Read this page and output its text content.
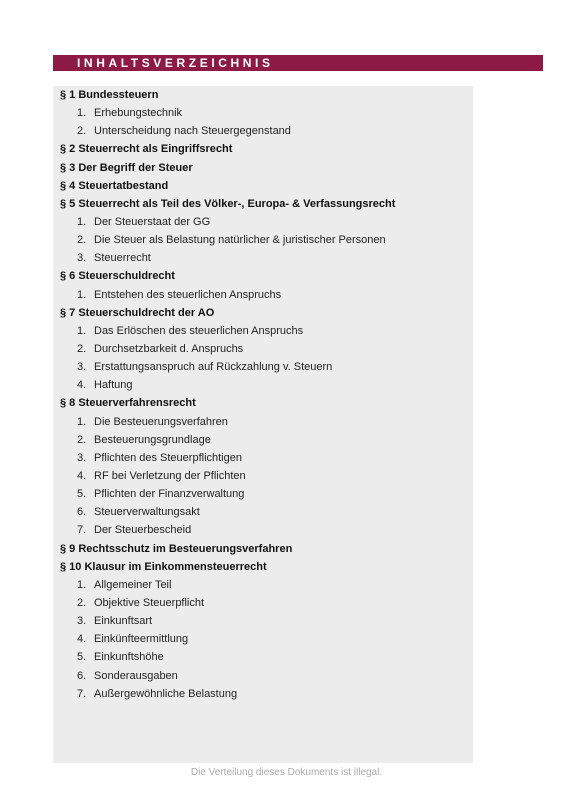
INHALTSVERZEICHNIS
§ 1 Bundessteuern
1. Erhebungstechnik
2. Unterscheidung nach Steuergegenstand
§ 2 Steuerrecht als Eingriffsrecht
§ 3 Der Begriff der Steuer
§ 4 Steuertatbestand
§ 5 Steuerrecht als Teil des Völker-, Europa- & Verfassungsrecht
1. Der Steuerstaat der GG
2. Die Steuer als Belastung natürlicher & juristischer Personen
3. Steuerrecht
§ 6 Steuerschuldrecht
1. Entstehen des steuerlichen Anspruchs
§ 7 Steuerschuldrecht der AO
1. Das Erlöschen des steuerlichen Anspruchs
2. Durchsetzbarkeit d. Anspruchs
3. Erstattungsanspruch auf Rückzahlung v. Steuern
4. Haftung
§ 8 Steuerverfahrensrecht
1. Die Besteuerungsverfahren
2. Besteuerungsgrundlage
3. Pflichten des Steuerpflichtigen
4. RF bei Verletzung der Pflichten
5. Pflichten der Finanzverwaltung
6. Steuerverwaltungsakt
7. Der Steuerbescheid
§ 9 Rechtsschutz im Besteuerungsverfahren
§ 10 Klausur im Einkommensteuerrecht
1. Allgemeiner Teil
2. Objektive Steuerpflicht
3. Einkunftsart
4. Einkünfteermittlung
5. Einkunftshöhe
6. Sonderausgaben
7. Außergewöhnliche Belastung
Die Verteilung dieses Dokuments ist illegal.
